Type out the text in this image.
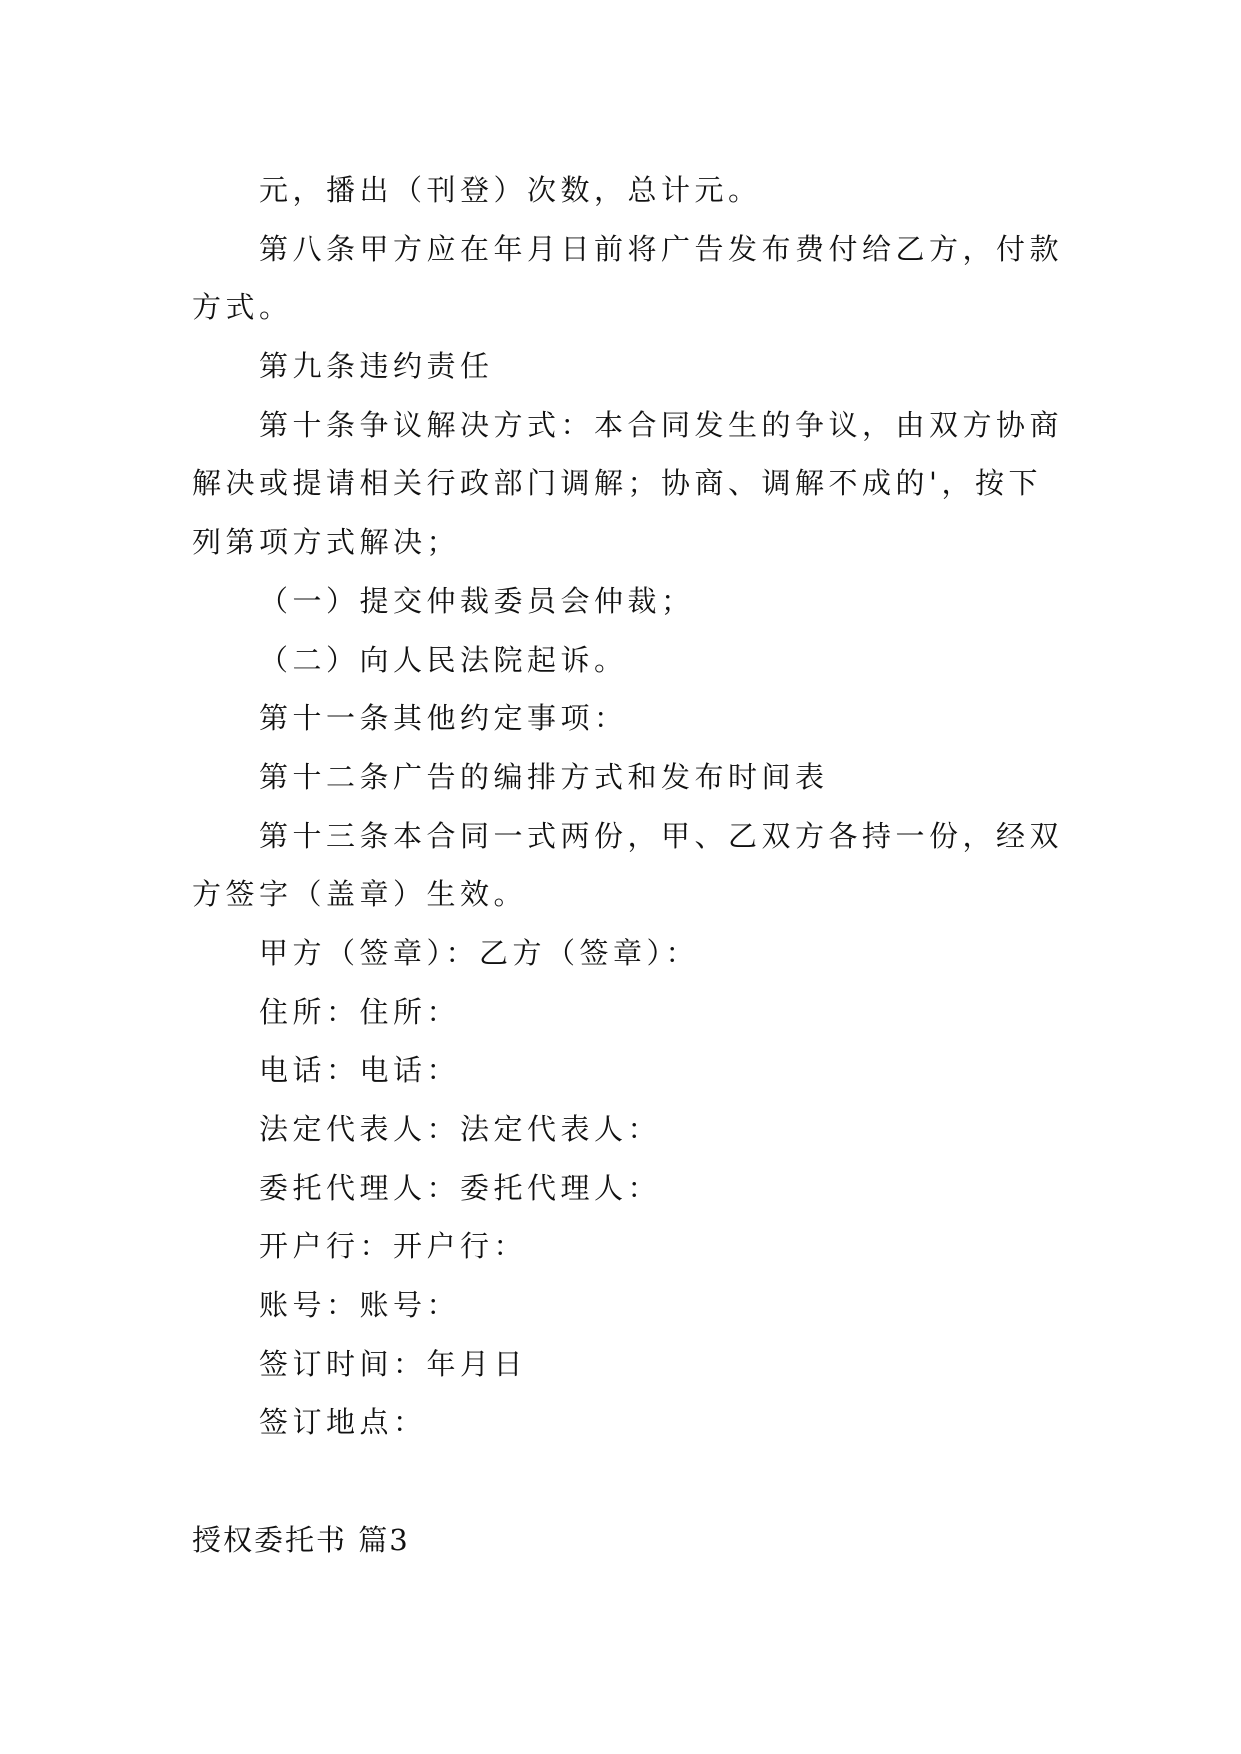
元，播出（刊登）次数，总计元。
第八条甲方应在年月日前将广告发布费付给乙方，付款
方式。
第九条违约责任
第十条争议解决方式：本合同发生的争议，由双方协商
解决或提请相关行政部门调解；协商、调解不成的'，按下
列第项方式解决；
（一）提交仲裁委员会仲裁；
（二）向人民法院起诉。
第十一条其他约定事项：
第十二条广告的编排方式和发布时间表
第十三条本合同一式两份，甲、乙双方各持一份，经双
方签字（盖章）生效。
甲方（签章）：乙方（签章）：
住所：住所：
电话：电话：
法定代表人：法定代表人：
委托代理人：委托代理人：
开户行：开户行：
账号：账号：
签订时间：年月日
签订地点：
授权委托书 篇3
